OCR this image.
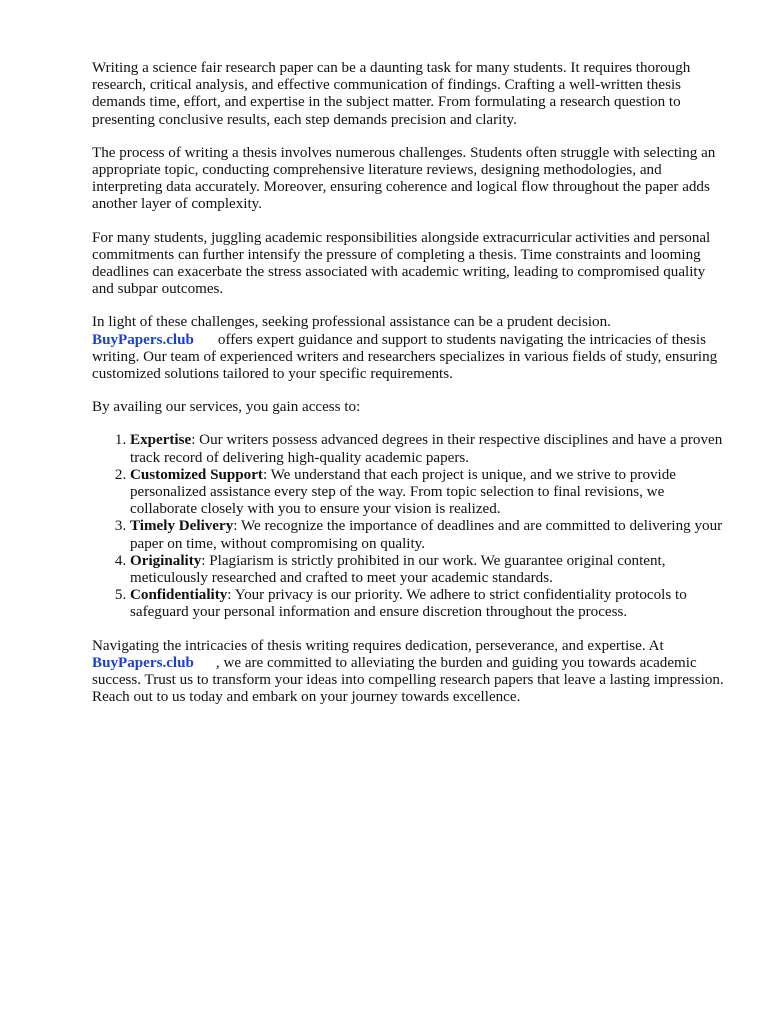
Writing a science fair research paper can be a daunting task for many students. It requires thorough research, critical analysis, and effective communication of findings. Crafting a well-written thesis demands time, effort, and expertise in the subject matter. From formulating a research question to presenting conclusive results, each step demands precision and clarity.

The process of writing a thesis involves numerous challenges. Students often struggle with selecting an appropriate topic, conducting comprehensive literature reviews, designing methodologies, and interpreting data accurately. Moreover, ensuring coherence and logical flow throughout the paper adds another layer of complexity.

For many students, juggling academic responsibilities alongside extracurricular activities and personal commitments can further intensify the pressure of completing a thesis. Time constraints and looming deadlines can exacerbate the stress associated with academic writing, leading to compromised quality and subpar outcomes.

In light of these challenges, seeking professional assistance can be a prudent decision.
BuyPapers.club offers expert guidance and support to students navigating the intricacies of thesis writing. Our team of experienced writers and researchers specializes in various fields of study, ensuring customized solutions tailored to your specific requirements.

By availing our services, you gain access to:

1. Expertise: Our writers possess advanced degrees in their respective disciplines and have a proven track record of delivering high-quality academic papers.
2. Customized Support: We understand that each project is unique, and we strive to provide personalized assistance every step of the way. From topic selection to final revisions, we collaborate closely with you to ensure your vision is realized.
3. Timely Delivery: We recognize the importance of deadlines and are committed to delivering your paper on time, without compromising on quality.
4. Originality: Plagiarism is strictly prohibited in our work. We guarantee original content, meticulously researched and crafted to meet your academic standards.
5. Confidentiality: Your privacy is our priority. We adhere to strict confidentiality protocols to safeguard your personal information and ensure discretion throughout the process.

Navigating the intricacies of thesis writing requires dedication, perseverance, and expertise. At
BuyPapers.club , we are committed to alleviating the burden and guiding you towards academic success. Trust us to transform your ideas into compelling research papers that leave a lasting impression. Reach out to us today and embark on your journey towards excellence.
